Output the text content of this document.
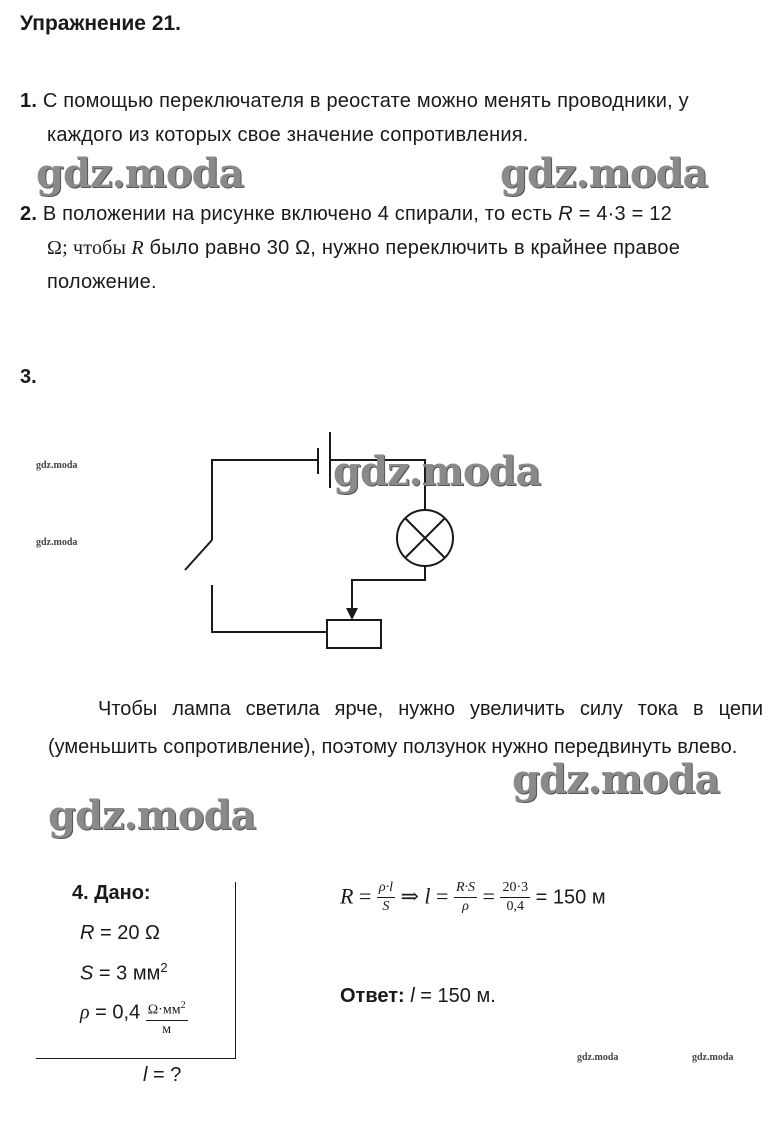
Упражнение 21.
1. С помощью переключателя в реостате можно менять проводники, у
каждого из которых свое значение сопротивления.
gdz.moda	gdz.moda
2. В положении на рисунке включено 4 спирали, то есть R = 4·3 = 12
Ω; чтобы R было равно 30 Ω, нужно переключить в крайнее правое
положение.
3.
gdz.moda
gdz.moda
gdz.moda
Чтобы лампа светила ярче, нужно увеличить силу тока в цепи (уменьшить сопротивление), поэтому ползунок нужно передвинуть влево.
gdz.moda
gdz.moda
4. Дано:
R = 20 Ω
S = 3 $мм^2$
$\rho = 0,4 \frac{\Omega\cdot мм^2}{м}$
l = ?
$R = \frac{\rho\cdot l}{S}$ ⇒ $l = \frac{R\cdot S}{\rho} = \frac{20\cdot 3}{0,4} = 150$ м
Ответ: l = 150 м.
gdz.moda	gdz.moda
